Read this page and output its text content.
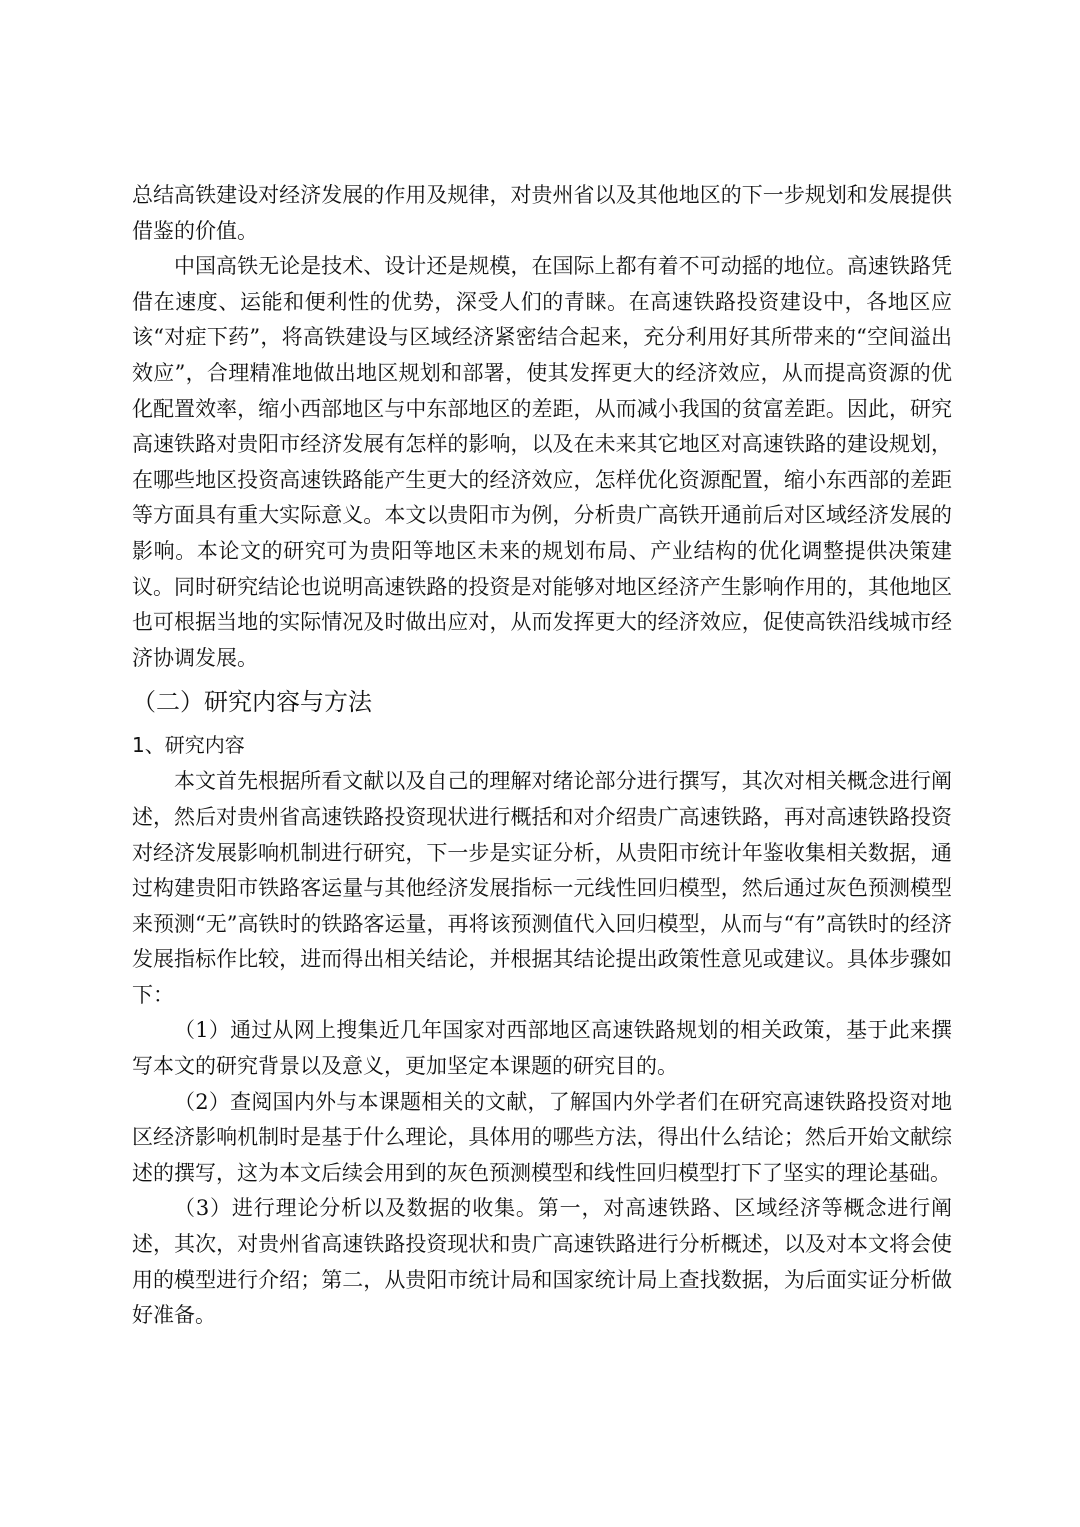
总结高铁建设对经济发展的作用及规律，对贵州省以及其他地区的下一步规划和发展提供借鉴的价值。

中国高铁无论是技术、设计还是规模，在国际上都有着不可动摇的地位。高速铁路凭借在速度、运能和便利性的优势，深受人们的青睐。在高速铁路投资建设中，各地区应该“对症下药”，将高铁建设与区域经济紧密结合起来，充分利用好其所带来的“空间溢出效应”，合理精准地做出地区规划和部署，使其发挥更大的经济效应，从而提高资源的优化配置效率，缩小西部地区与中东部地区的差距，从而减小我国的贫富差距。因此，研究高速铁路对贵阳市经济发展有怎样的影响，以及在未来其它地区对高速铁路的建设规划，在哪些地区投资高速铁路能产生更大的经济效应，怎样优化资源配置，缩小东西部的差距等方面具有重大实际意义。本文以贵阳市为例，分析贵广高铁开通前后对区域经济发展的影响。本论文的研究可为贵阳等地区未来的规划布局、产业结构的优化调整提供决策建议。同时研究结论也说明高速铁路的投资是对能够对地区经济产生影响作用的，其他地区也可根据当地的实际情况及时做出应对，从而发挥更大的经济效应，促使高铁沿线城市经济协调发展。

（二）研究内容与方法
1、研究内容

本文首先根据所看文献以及自己的理解对绪论部分进行撰写，其次对相关概念进行阐述，然后对贵州省高速铁路投资现状进行概括和对介绍贵广高速铁路，再对高速铁路投资对经济发展影响机制进行研究，下一步是实证分析，从贵阳市统计年鉴收集相关数据，通过构建贵阳市铁路客运量与其他经济发展指标一元线性回归模型，然后通过灰色预测模型来预测“无”高铁时的铁路客运量，再将该预测值代入回归模型，从而与“有”高铁时的经济发展指标作比较，进而得出相关结论，并根据其结论提出政策性意见或建议。具体步骤如下：

（1）通过从网上搜集近几年国家对西部地区高速铁路规划的相关政策，基于此来撰写本文的研究背景以及意义，更加坚定本课题的研究目的。

（2）查阅国内外与本课题相关的文献，了解国内外学者们在研究高速铁路投资对地区经济影响机制时是基于什么理论，具体用的哪些方法，得出什么结论；然后开始文献综述的撰写，这为本文后续会用到的灰色预测模型和线性回归模型打下了坚实的理论基础。

（3）进行理论分析以及数据的收集。第一，对高速铁路、区域经济等概念进行阐述，其次，对贵州省高速铁路投资现状和贵广高速铁路进行分析概述，以及对本文将会使用的模型进行介绍；第二，从贵阳市统计局和国家统计局上查找数据，为后面实证分析做好准备。
